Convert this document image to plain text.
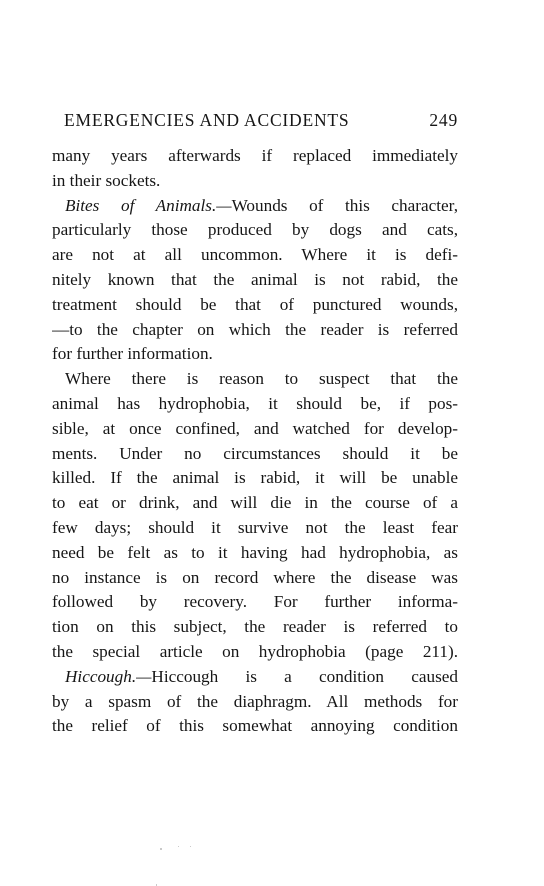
EMERGENCIES AND ACCIDENTS	249
many years afterwards if replaced immediately
in their sockets.
Bites of Animals.—Wounds of this character,
particularly those produced by dogs and cats,
are not at all uncommon. Where it is defi-
nitely known that the animal is not rabid, the
treatment should be that of punctured wounds,
—to the chapter on which the reader is referred
for further information.
Where there is reason to suspect that the
animal has hydrophobia, it should be, if pos-
sible, at once confined, and watched for develop-
ments. Under no circumstances should it be
killed. If the animal is rabid, it will be unable
to eat or drink, and will die in the course of a
few days; should it survive not the least fear
need be felt as to it having had hydrophobia, as
no instance is on record where the disease was
followed by recovery. For further informa-
tion on this subject, the reader is referred to
the special article on hydrophobia (page 211).
Hiccough.—Hiccough is a condition caused
by a spasm of the diaphragm. All methods for
the relief of this somewhat annoying condition
